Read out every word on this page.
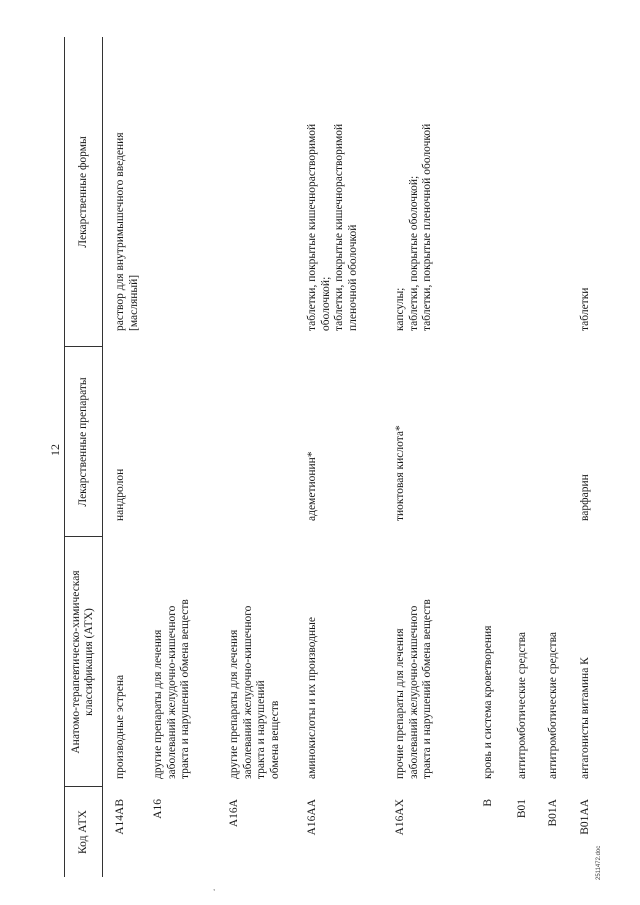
12
Код АТХ
Анатомо-терапевтическо-химическая классификация (АТХ)
Лекарственные препараты
Лекарственные формы
A14AB
производные эстрена
нандролон
раствор для внутримышечного введения [масляный]
A16
другие препараты для лечения заболеваний желудочно-кишечного тракта и нарушений обмена веществ
A16A
другие препараты для лечения заболеваний желудочно-кишечного тракта и нарушений обмена веществ
A16AA
аминокислоты и их производные
адеметионин*
таблетки, покрытые кишечнорастворимой оболочкой; таблетки, покрытые кишечнорастворимой пленочной оболочкой
A16AX
прочие препараты для лечения заболеваний желудочно-кишечного тракта и нарушений обмена веществ
тиоктовая кислота*
капсулы; таблетки, покрытые оболочкой; таблетки, покрытые пленочной оболочкой
B
кровь и система кроветворения
B01
антитромботические средства
B01A
антитромботические средства
B01AA
антагонисты витамина К
варфарин
таблетки
,
2511472.doc
